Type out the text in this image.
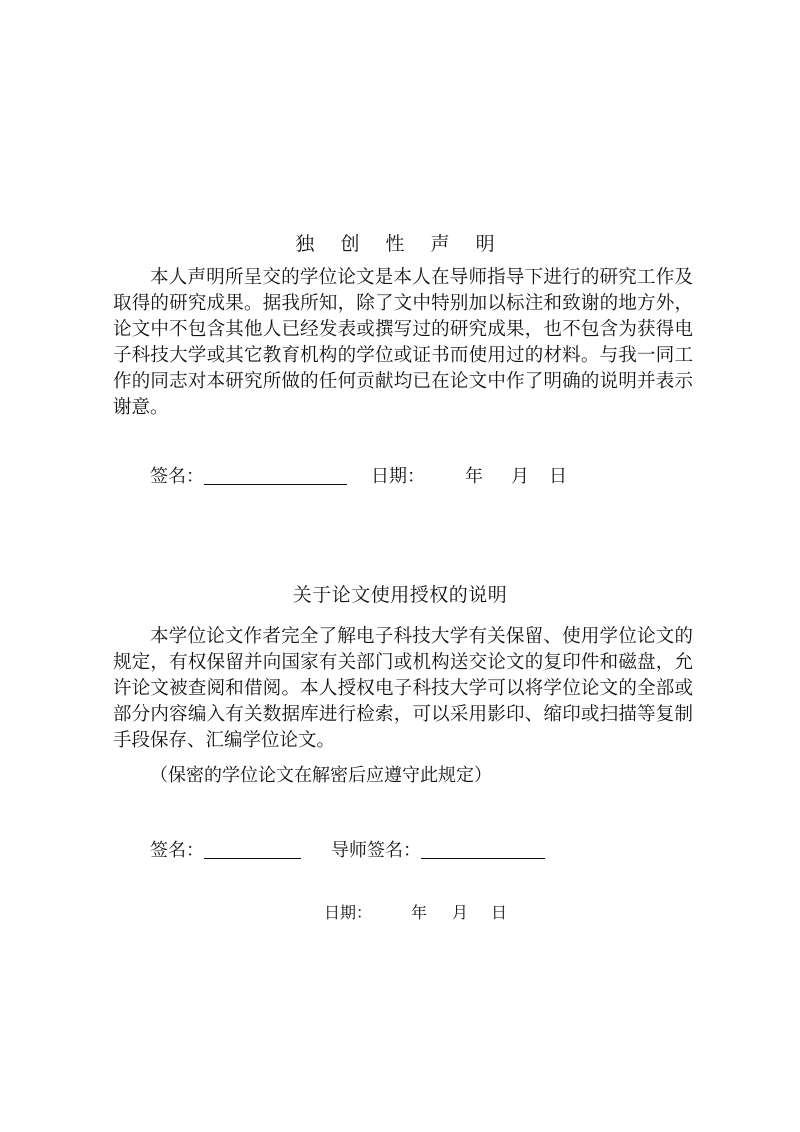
独 创 性 声 明

本人声明所呈交的学位论文是本人在导师指导下进行的研究工作及取得的研究成果。据我所知，除了文中特别加以标注和致谢的地方外，论文中不包含其他人已经发表或撰写过的研究成果，也不包含为获得电子科技大学或其它教育机构的学位或证书而使用过的材料。与我一同工作的同志对本研究所做的任何贡献均已在论文中作了明确的说明并表示谢意。

签名：	日期： 年 月 日
关于论文使用授权的说明

本学位论文作者完全了解电子科技大学有关保留、使用学位论文的规定，有权保留并向国家有关部门或机构送交论文的复印件和磁盘，允许论文被查阅和借阅。本人授权电子科技大学可以将学位论文的全部或部分内容编入有关数据库进行检索，可以采用影印、缩印或扫描等复制手段保存、汇编学位论文。

（保密的学位论文在解密后应遵守此规定）

签名：	导师签名：
日期： 年 月 日
